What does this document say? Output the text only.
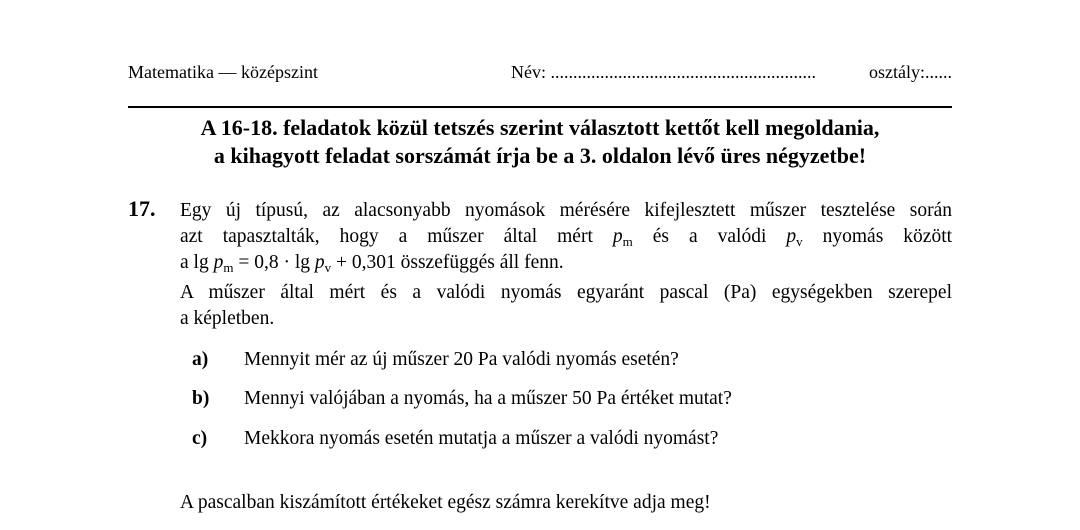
Matematika — középszint	Név: ...........................................................	osztály:......
A 16-18. feladatok közül tetszés szerint választott kettőt kell megoldania,
a kihagyott feladat sorszámát írja be a 3. oldalon lévő üres négyzetbe!
17. Egy új típusú, az alacsonyabb nyomások mérésére kifejlesztett műszer tesztelése során
azt tapasztalták, hogy a műszer által mért $p_m$ és a valódi $p_v$ nyomás között
a $\lg p_m = 0,8 \cdot \lg p_v + 0,301$ összefüggés áll fenn.
A műszer által mért és a valódi nyomás egyaránt pascal (Pa) egységekben szerepel
a képletben.
a) Mennyit mér az új műszer 20 Pa valódi nyomás esetén?
b) Mennyi valójában a nyomás, ha a műszer 50 Pa értéket mutat?
c) Mekkora nyomás esetén mutatja a műszer a valódi nyomást?
A pascalban kiszámított értékeket egész számra kerekítve adja meg!
